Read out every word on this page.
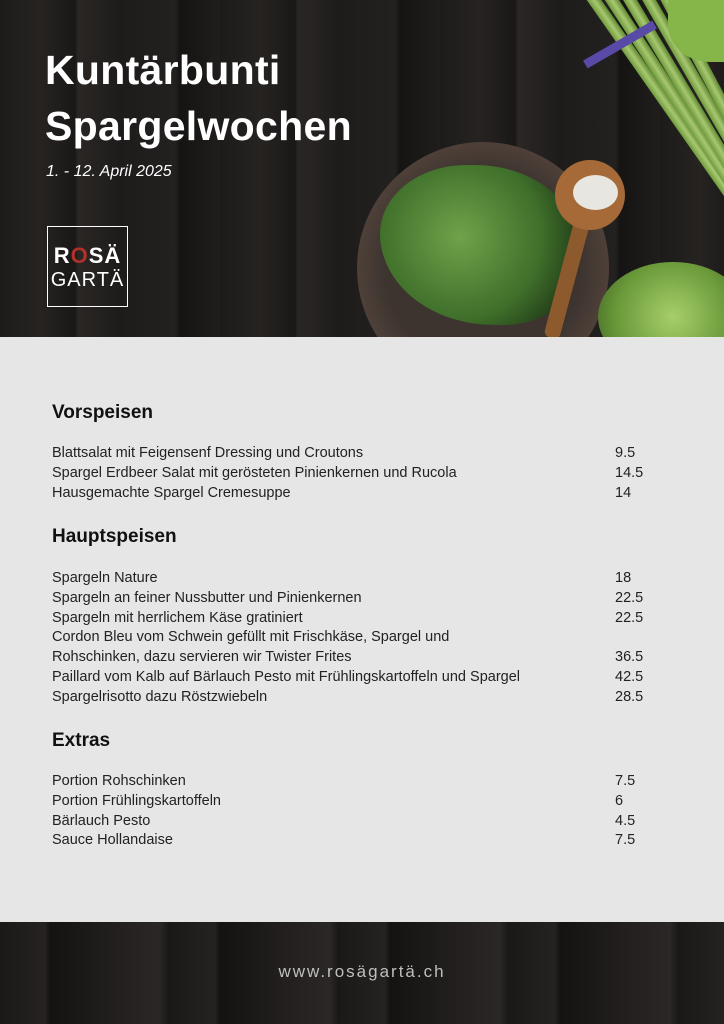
Kuntärbunti
Spargelwochen
1. - 12. April 2025
ROSÄ
GARTÄ
Vorspeisen
Blattsalat mit Feigensenf Dressing und Croutons	9.5
Spargel Erdbeer Salat mit gerösteten Pinienkernen und Rucola	14.5
Hausgemachte Spargel Cremesuppe	14
Hauptspeisen
Spargeln Nature	18
Spargeln an feiner Nussbutter und Pinienkernen	22.5
Spargeln mit herrlichem Käse gratiniert	22.5
Cordon Bleu vom Schwein gefüllt mit Frischkäse, Spargel und
Rohschinken, dazu servieren wir Twister Frites	36.5
Paillard vom Kalb auf Bärlauch Pesto mit Frühlingskartoffeln und Spargel	42.5
Spargelrisotto dazu Röstzwiebeln	28.5
Extras
Portion Rohschinken	7.5
Portion Frühlingskartoffeln	6
Bärlauch Pesto	4.5
Sauce Hollandaise	7.5
www.rosägartä.ch
